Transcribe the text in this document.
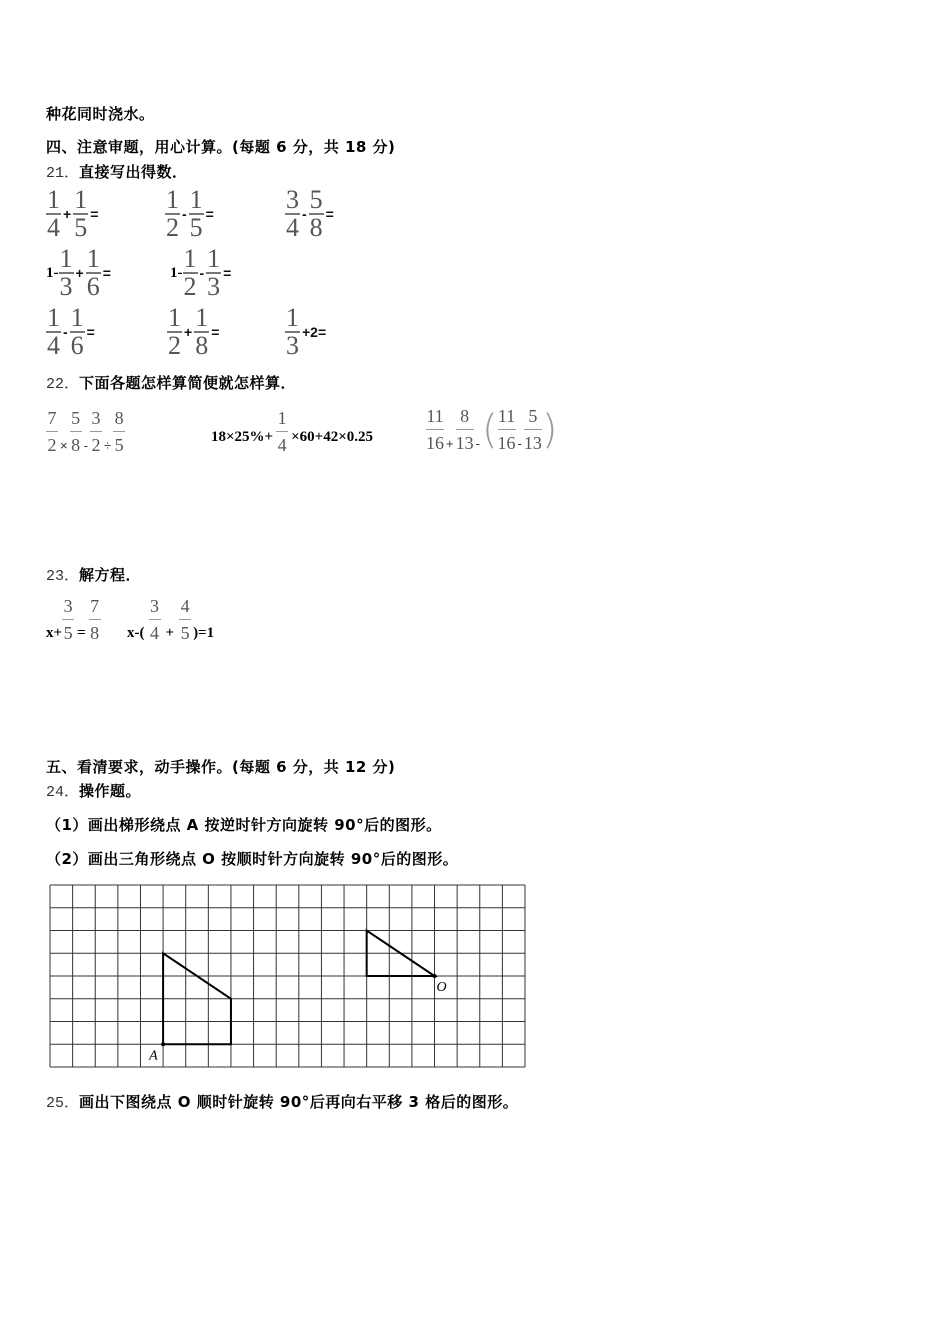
种花同时浇水。
四、注意审题，用心计算。(每题 6 分，共 18 分)
21．直接写出得数．
1
4 + 1
5 =	1
2 - 1
5 =	3
4 - 5
8 =
1- 1
3 + 1
6 =	1- 1
2 - 1
3 =
1
4 - 1
6 =	1
2 + 1
8 =	1
3 +2=
22．下面各题怎样算简便就怎样算．
7
2 ×
5
8 -
3
2 ÷
8
5	18×25%+
1
4 ×60+42×0.25
11
16 +
8
13 - ( 11
16 -
5
13 )
23．解方程．
x+
3
5 =
7
8 x-(
3
4 +
4
5 )=1
五、看清要求，动手操作。(每题 6 分，共 12 分)
24．操作题。
（1）画出梯形绕点 A 按逆时针方向旋转 90°后的图形。
（2）画出三角形绕点 O 按顺时针方向旋转 90°后的图形。
A
O
25．画出下图绕点 O 顺时针旋转 90°后再向右平移 3 格后的图形。
